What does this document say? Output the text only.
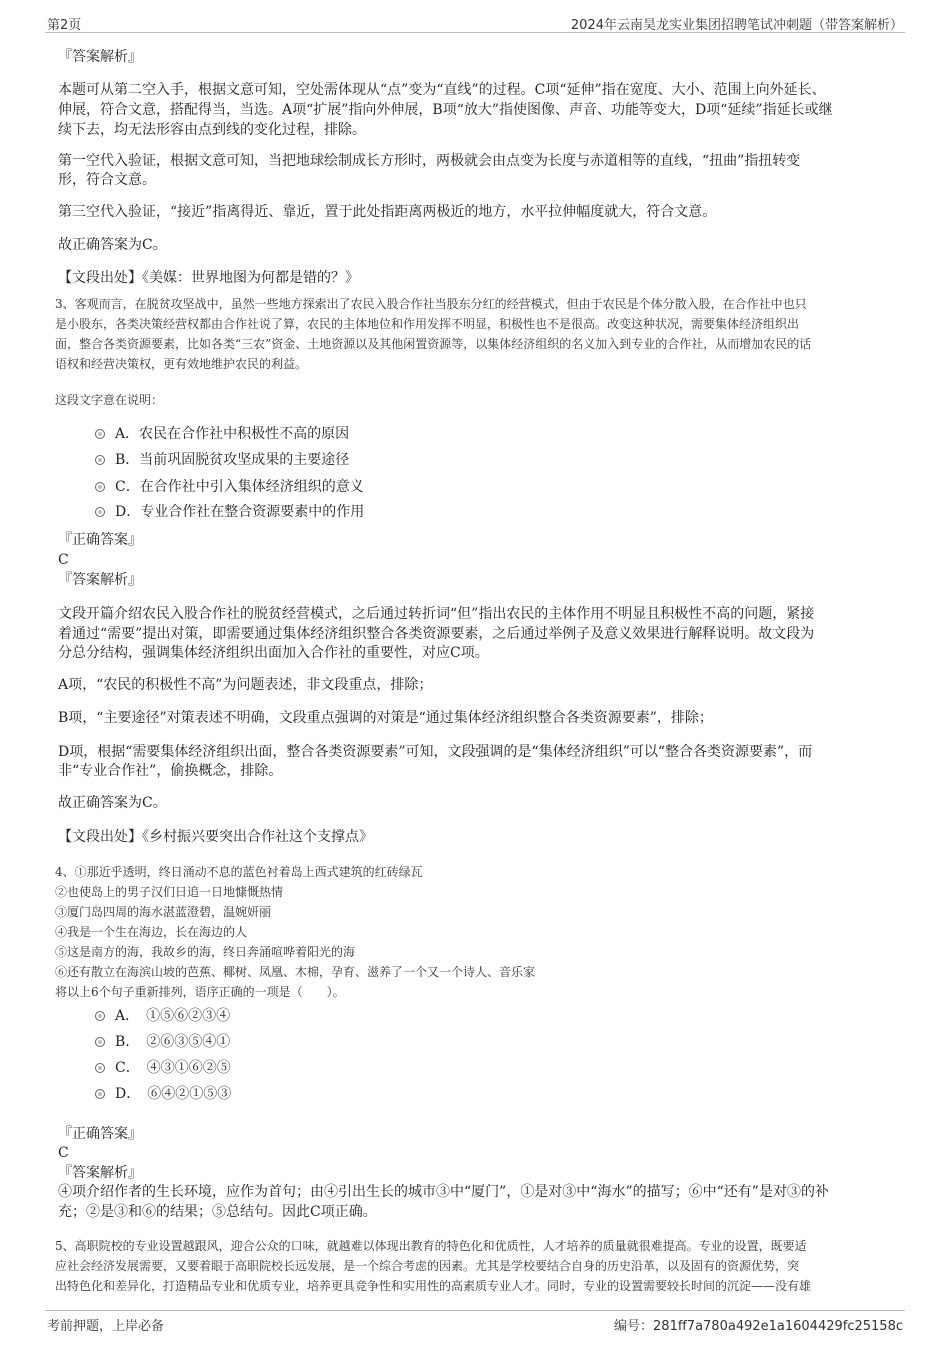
第2页	2024年云南昊龙实业集团招聘笔试冲刺题（带答案解析）
『答案解析』
本题可从第二空入手，根据文意可知，空处需体现从“点”变为“直线”的过程。C项“延伸”指在宽度、大小、范围上向外延长、
伸展，符合文意，搭配得当，当选。A项“扩展”指向外伸展，B项“放大”指使图像、声音、功能等变大，D项“延续”指延长或继
续下去，均无法形容由点到线的变化过程，排除。
第一空代入验证，根据文意可知，当把地球绘制成长方形时，两极就会由点变为长度与赤道相等的直线，“扭曲”指扭转变
形，符合文意。
第三空代入验证，“接近”指离得近、靠近，置于此处指距离两极近的地方，水平拉伸幅度就大，符合文意。
故正确答案为C。
【文段出处】《美媒：世界地图为何都是错的？》
3、客观而言，在脱贫攻坚战中，虽然一些地方探索出了农民入股合作社当股东分红的经营模式，但由于农民是个体分散入股，在合作社中也只
是小股东，各类决策经营权都由合作社说了算，农民的主体地位和作用发挥不明显，积极性也不是很高。改变这种状况，需要集体经济组织出
面，整合各类资源要素，比如各类“三农”资金、土地资源以及其他闲置资源等，以集体经济组织的名义加入到专业的合作社，从而增加农民的话
语权和经营决策权，更有效地维护农民的利益。
这段文字意在说明：
A．农民在合作社中积极性不高的原因
B．当前巩固脱贫攻坚成果的主要途径
C．在合作社中引入集体经济组织的意义
D．专业合作社在整合资源要素中的作用
『正确答案』
C
『答案解析』
文段开篇介绍农民入股合作社的脱贫经营模式，之后通过转折词“但”指出农民的主体作用不明显且积极性不高的问题，紧接
着通过“需要”提出对策，即需要通过集体经济组织整合各类资源要素，之后通过举例子及意义效果进行解释说明。故文段为
分总分结构，强调集体经济组织出面加入合作社的重要性，对应C项。
A项，“农民的积极性不高”为问题表述，非文段重点，排除；
B项，“主要途径”对策表述不明确，文段重点强调的对策是“通过集体经济组织整合各类资源要素”，排除；
D项，根据“需要集体经济组织出面，整合各类资源要素”可知，文段强调的是“集体经济组织”可以“整合各类资源要素”，而
非“专业合作社”，偷换概念，排除。
故正确答案为C。
【文段出处】《乡村振兴要突出合作社这个支撑点》
4、①那近乎透明，终日涌动不息的蓝色衬着岛上西式建筑的红砖绿瓦
②也使岛上的男子汉们日追一日地慷慨热情
③厦门岛四周的海水湛蓝澄碧，温婉妍丽
④我是一个生在海边，长在海边的人
⑤这是南方的海，我故乡的海，终日奔涌喧哗着阳光的海
⑥还有散立在海滨山坡的芭蕉、椰树、凤凰、木棉，孕育、滋养了一个又一个诗人、音乐家
将以上6个句子重新排列，语序正确的一项是（　　）。
A．　①⑤⑥②③④
B．　②⑥③⑤④①
C．　④③①⑥②⑤
D．　⑥④②①⑤③
『正确答案』
C
『答案解析』
④项介绍作者的生长环境，应作为首句；由④引出生长的城市③中“厦门”，①是对③中“海水”的描写；⑥中“还有”是对③的补
充；②是③和⑥的结果；⑤总结句。因此C项正确。
5、高职院校的专业设置越跟风，迎合公众的口味，就越难以体现出教育的特色化和优质性，人才培养的质量就很难提高。专业的设置，既要适
应社会经济发展需要，又要着眼于高职院校长远发展，是一个综合考虑的因素。尤其是学校要结合自身的历史沿革，以及固有的资源优势，突
出特色化和差异化，打造精品专业和优质专业，培养更具竞争性和实用性的高素质专业人才。同时，专业的设置需要较长时间的沉淀——没有雄
考前押题，上岸必备	编号：281ff7a780a492e1a1604429fc25158c
